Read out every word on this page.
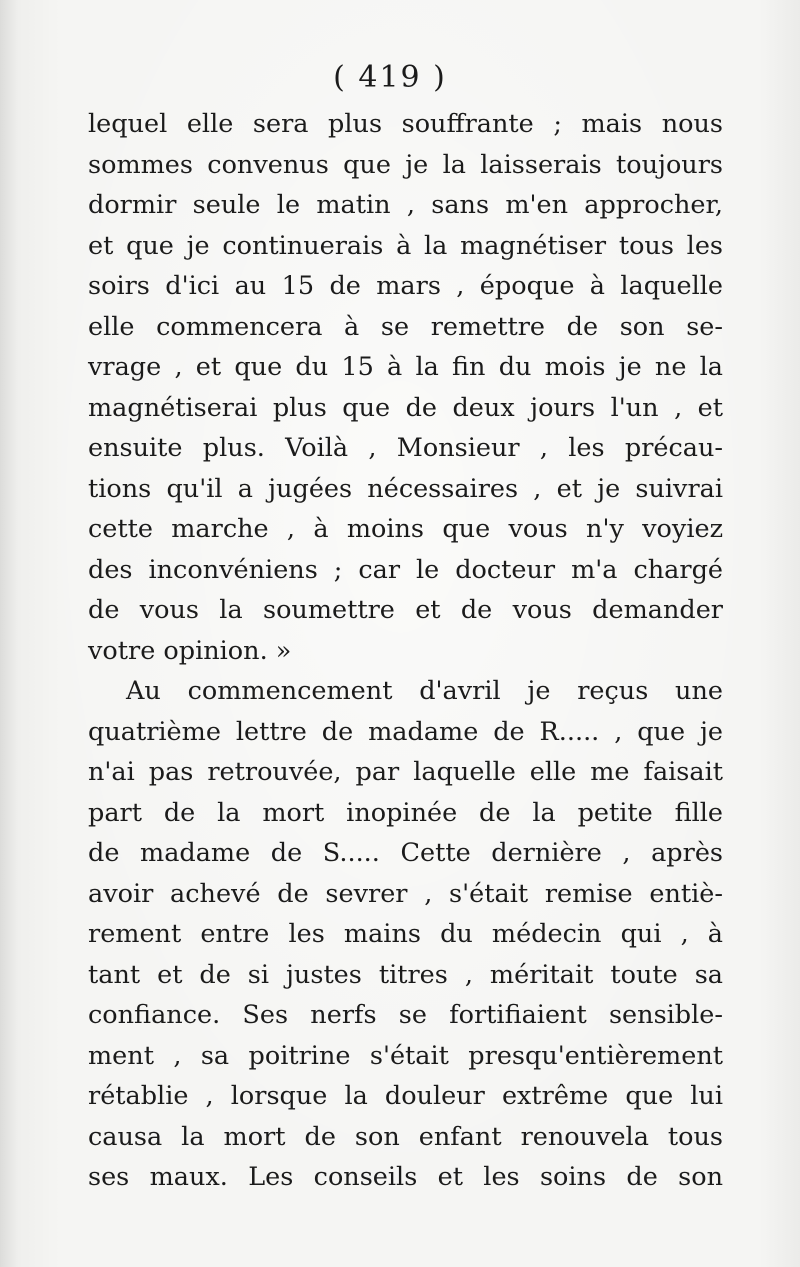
( 419 )
lequel elle sera plus souffrante ; mais nous
sommes convenus que je la laisserais toujours
dormir seule le matin , sans m'en approcher,
et que je continuerais à la magnétiser tous les
soirs d'ici au 15 de mars , époque à laquelle
elle commencera à se remettre de son se-
vrage , et que du 15 à la fin du mois je ne la
magnétiserai plus que de deux jours l'un , et
ensuite plus. Voilà , Monsieur , les précau-
tions qu'il a jugées nécessaires , et je suivrai
cette marche , à moins que vous n'y voyiez
des inconvéniens ; car le docteur m'a chargé
de vous la soumettre et de vous demander
votre opinion. »
Au commencement d'avril je reçus une
quatrième lettre de madame de R..... , que je
n'ai pas retrouvée, par laquelle elle me faisait
part de la mort inopinée de la petite fille
de madame de S..... Cette dernière , après
avoir achevé de sevrer , s'était remise entiè-
rement entre les mains du médecin qui , à
tant et de si justes titres , méritait toute sa
confiance. Ses nerfs se fortifiaient sensible-
ment , sa poitrine s'était presqu'entièrement
rétablie , lorsque la douleur extrême que lui
causa la mort de son enfant renouvela tous
ses maux. Les conseils et les soins de son
